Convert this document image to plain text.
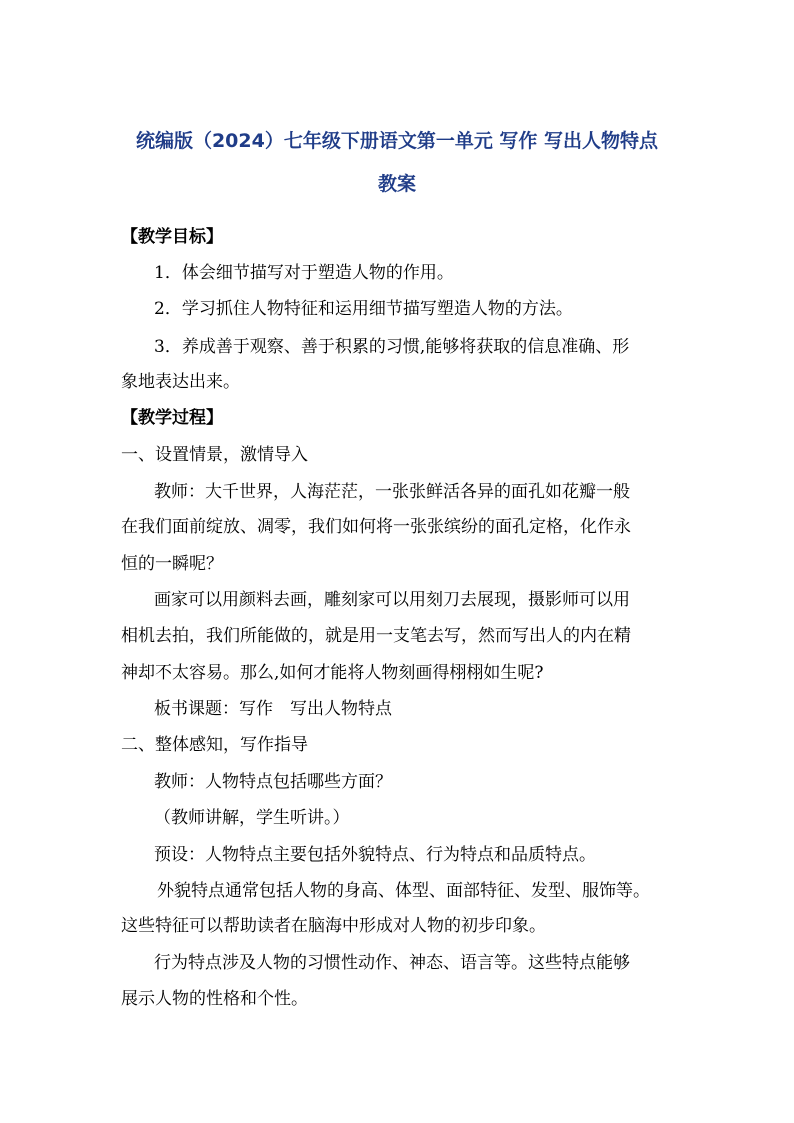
统编版（2024）七年级下册语文第一单元 写作 写出人物特点
教案
【教学目标】
1．体会细节描写对于塑造人物的作用。
2．学习抓住人物特征和运用细节描写塑造人物的方法。
3．养成善于观察、善于积累的习惯,能够将获取的信息准确、形
象地表达出来。
【教学过程】
一、设置情景，激情导入
教师：大千世界，人海茫茫，一张张鲜活各异的面孔如花瓣一般
在我们面前绽放、凋零，我们如何将一张张缤纷的面孔定格，化作永
恒的一瞬呢？
画家可以用颜料去画，雕刻家可以用刻刀去展现，摄影师可以用
相机去拍，我们所能做的，就是用一支笔去写，然而写出人的内在精
神却不太容易。那么,如何才能将人物刻画得栩栩如生呢?
板书课题：写作　写出人物特点
二、整体感知，写作指导
教师：人物特点包括哪些方面？
（教师讲解，学生听讲。）
预设：人物特点主要包括外貌特点、行为特点和品质特点。
外貌特点通常包括人物的身高、体型、面部特征、发型、服饰等。
这些特征可以帮助读者在脑海中形成对人物的初步印象。
行为特点涉及人物的习惯性动作、神态、语言等。这些特点能够
展示人物的性格和个性。
